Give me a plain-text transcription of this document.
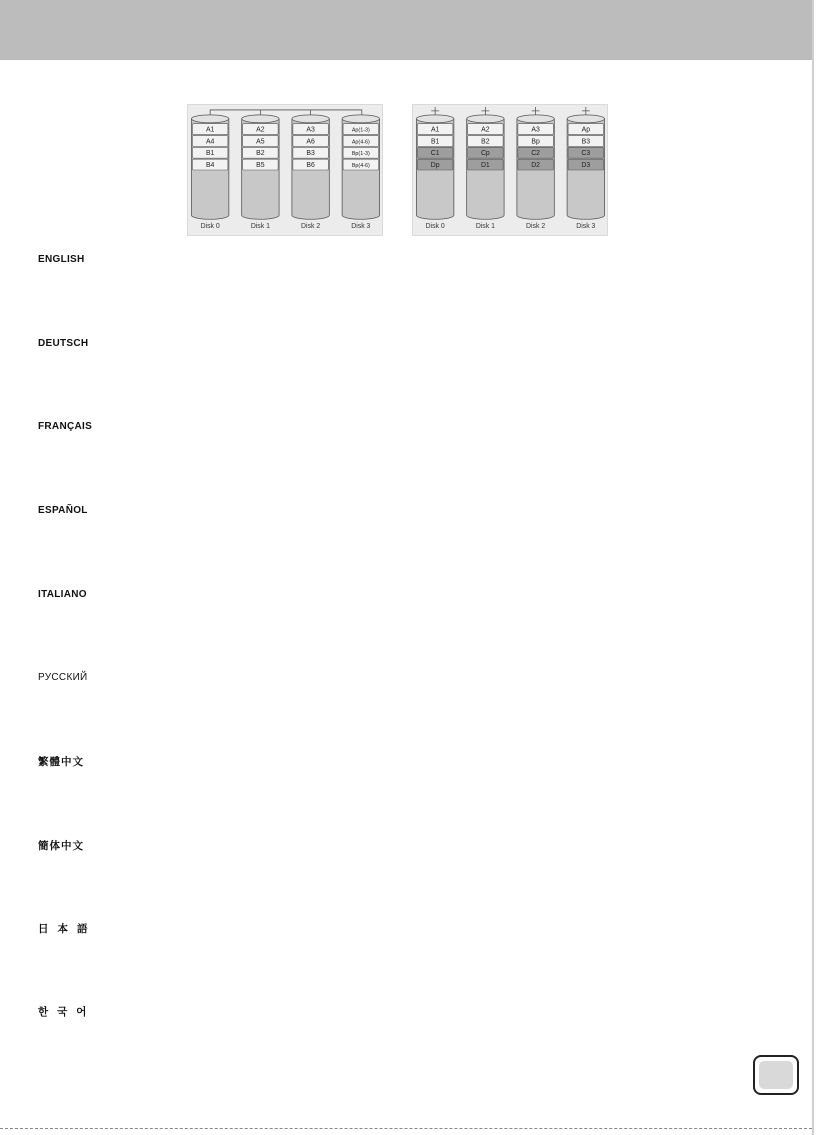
A1
A4
B1
B4
Disk 0
A2
A5
B2
B5
Disk 1
A3
A6
B3
B6
Disk 2
Ap(1-3)
Ap(4-6)
Bp(1-3)
Bp(4-6)
Disk 3
A1
B1
C1
Dp
Disk 0
A2
B2
Cp
D1
Disk 1
A3
Bp
C2
D2
Disk 2
Ap
B3
C3
D3
Disk 3
ENGLISH
DEUTSCH
FRANÇAIS
ESPAÑOL
ITALIANO
РУССКИЙ
繁體中文
簡体中文
日本語
한국어
